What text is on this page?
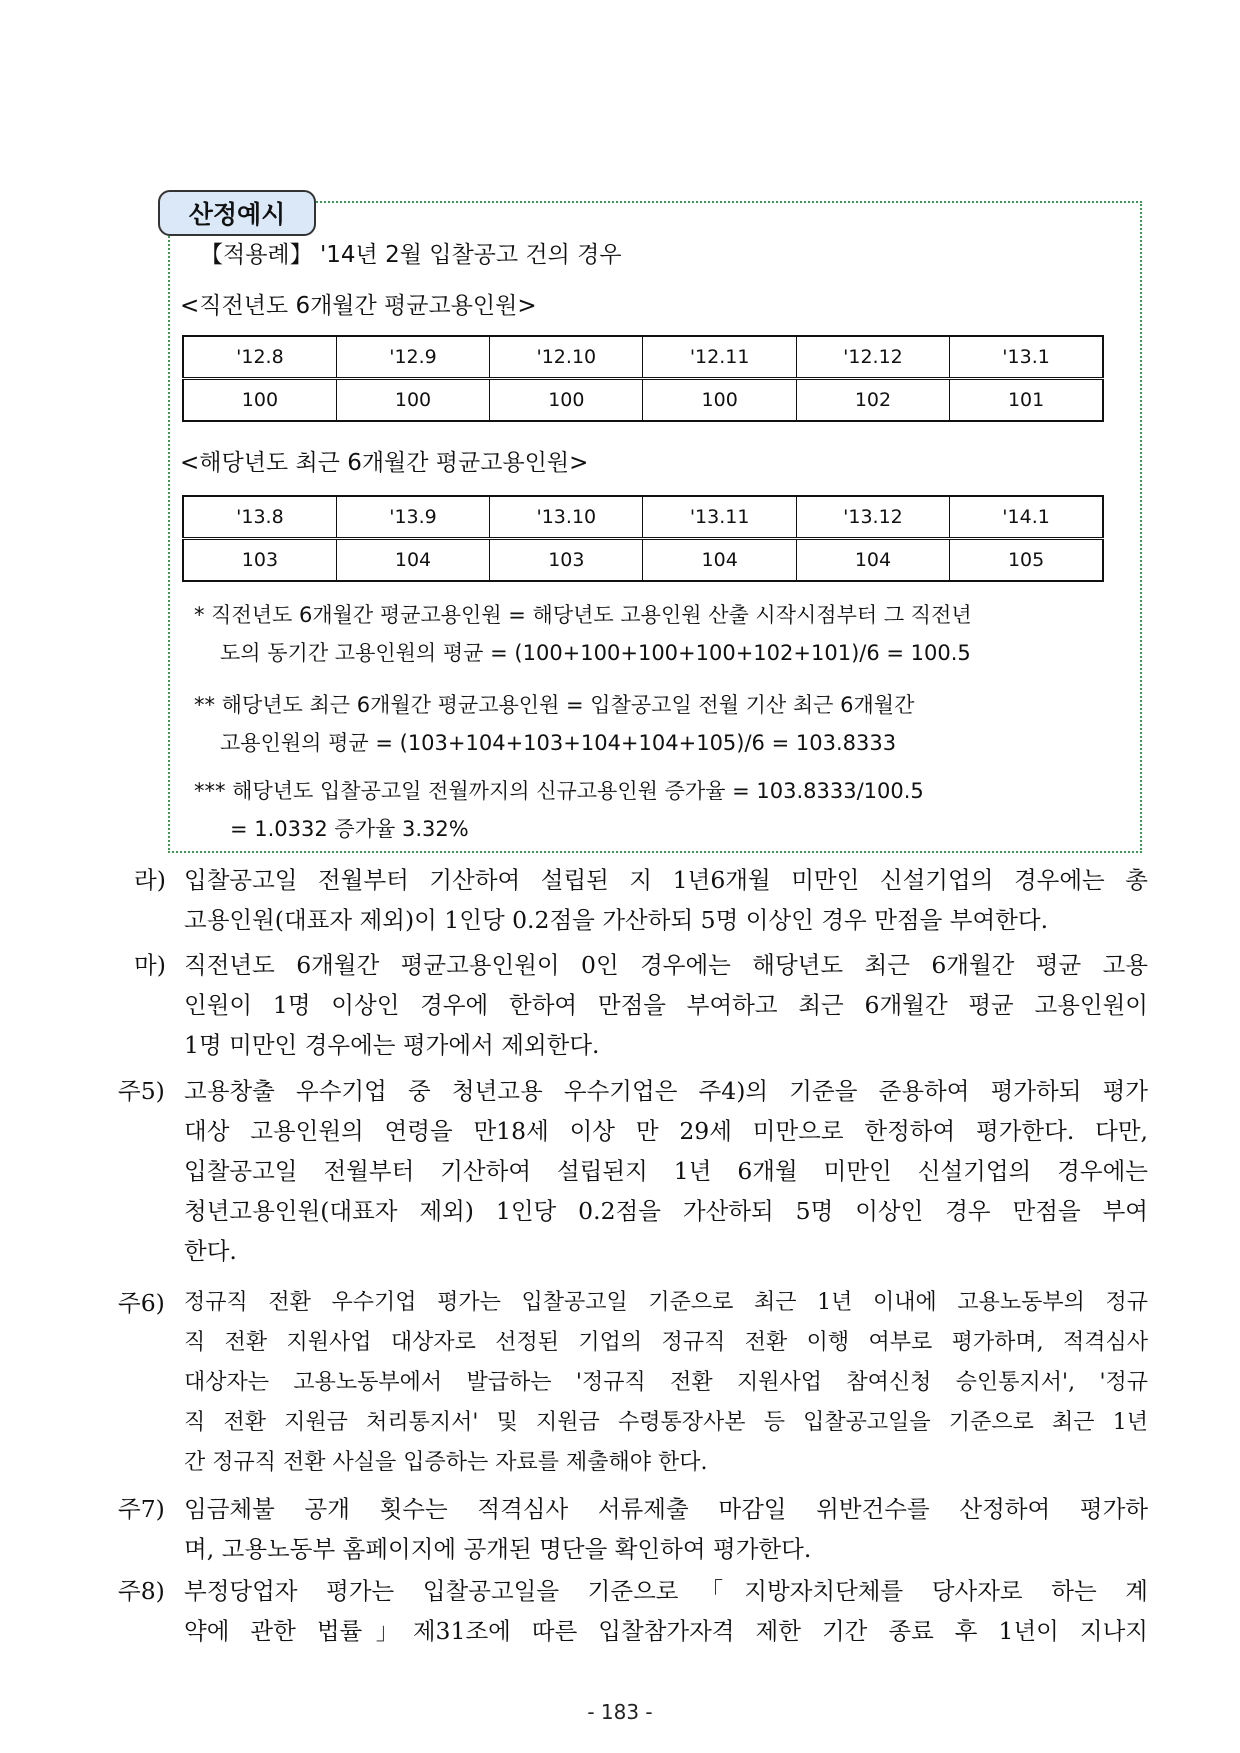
산정예시
【적용례】 '14년 2월 입찰공고 건의 경우
<직전년도 6개월간 평균고용인원>
'12.8	'12.9	'12.10	'12.11	'12.12	'13.1
100	100	100	100	102	101
<해당년도 최근 6개월간 평균고용인원>
'13.8	'13.9	'13.10	'13.11	'13.12	'14.1
103	104	103	104	104	105
* 직전년도 6개월간 평균고용인원 = 해당년도 고용인원 산출 시작시점부터 그 직전년
도의 동기간 고용인원의 평균 = (100+100+100+100+102+101)/6 = 100.5
** 해당년도 최근 6개월간 평균고용인원 = 입찰공고일 전월 기산 최근 6개월간
고용인원의 평균 = (103+104+103+104+104+105)/6 = 103.8333
*** 해당년도 입찰공고일 전월까지의 신규고용인원 증가율 = 103.8333/100.5
= 1.0332 증가율 3.32%
라) 입찰공고일 전월부터 기산하여 설립된 지 1년6개월 미만인 신설기업의 경우에는 총
고용인원(대표자 제외)이 1인당 0.2점을 가산하되 5명 이상인 경우 만점을 부여한다.
마) 직전년도 6개월간 평균고용인원이 0인 경우에는 해당년도 최근 6개월간 평균 고용
인원이 1명 이상인 경우에 한하여 만점을 부여하고 최근 6개월간 평균 고용인원이
1명 미만인 경우에는 평가에서 제외한다.
주5) 고용창출 우수기업 중 청년고용 우수기업은 주4)의 기준을 준용하여 평가하되 평가
대상 고용인원의 연령을 만18세 이상 만 29세 미만으로 한정하여 평가한다. 다만,
입찰공고일 전월부터 기산하여 설립된지 1년 6개월 미만인 신설기업의 경우에는
청년고용인원(대표자 제외) 1인당 0.2점을 가산하되 5명 이상인 경우 만점을 부여
한다.
주6) 정규직 전환 우수기업 평가는 입찰공고일 기준으로 최근 1년 이내에 고용노동부의 정규
직 전환 지원사업 대상자로 선정된 기업의 정규직 전환 이행 여부로 평가하며, 적격심사
대상자는 고용노동부에서 발급하는 '정규직 전환 지원사업 참여신청 승인통지서', '정규
직 전환 지원금 처리통지서' 및 지원금 수령통장사본 등 입찰공고일을 기준으로 최근 1년
간 정규직 전환 사실을 입증하는 자료를 제출해야 한다.
주7) 임금체불 공개 횟수는 적격심사 서류제출 마감일 위반건수를 산정하여 평가하
며, 고용노동부 홈페이지에 공개된 명단을 확인하여 평가한다.
주8) 부정당업자 평가는 입찰공고일을 기준으로「지방자치단체를 당사자로 하는 계
약에 관한 법률」제31조에 따른 입찰참가자격 제한 기간 종료 후 1년이 지나지
- 183 -
